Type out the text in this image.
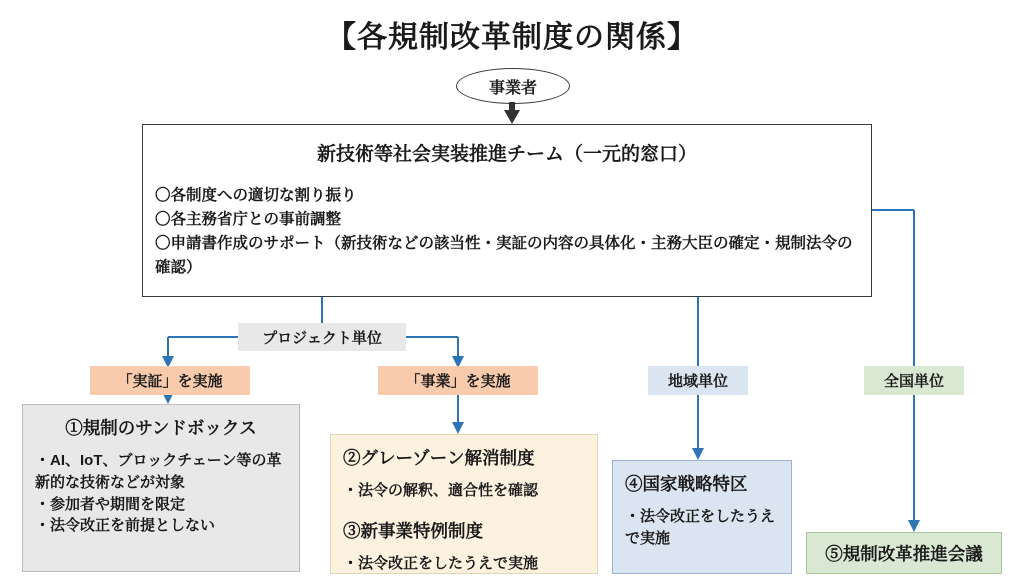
【各規制改革制度の関係】
事業者
新技術等社会実装推進チーム（一元的窓口）
〇各制度への適切な割り振り
〇各主務省庁との事前調整
〇申請書作成のサポート（新技術などの該当性・実証の内容の具体化・主務大臣の確定・規制法令の確認）
プロジェクト単位
「実証」を実施	「事業」を実施	地域単位	全国単位
①規制のサンドボックス
・AI、IoT、ブロックチェーン等の革新的な技術などが対象
・参加者や期間を限定
・法令改正を前提としない
②グレーゾーン解消制度
・法令の解釈、適合性を確認
③新事業特例制度
・法令改正をしたうえで実施
④国家戦略特区
・法令改正をしたうえで実施
⑤規制改革推進会議
